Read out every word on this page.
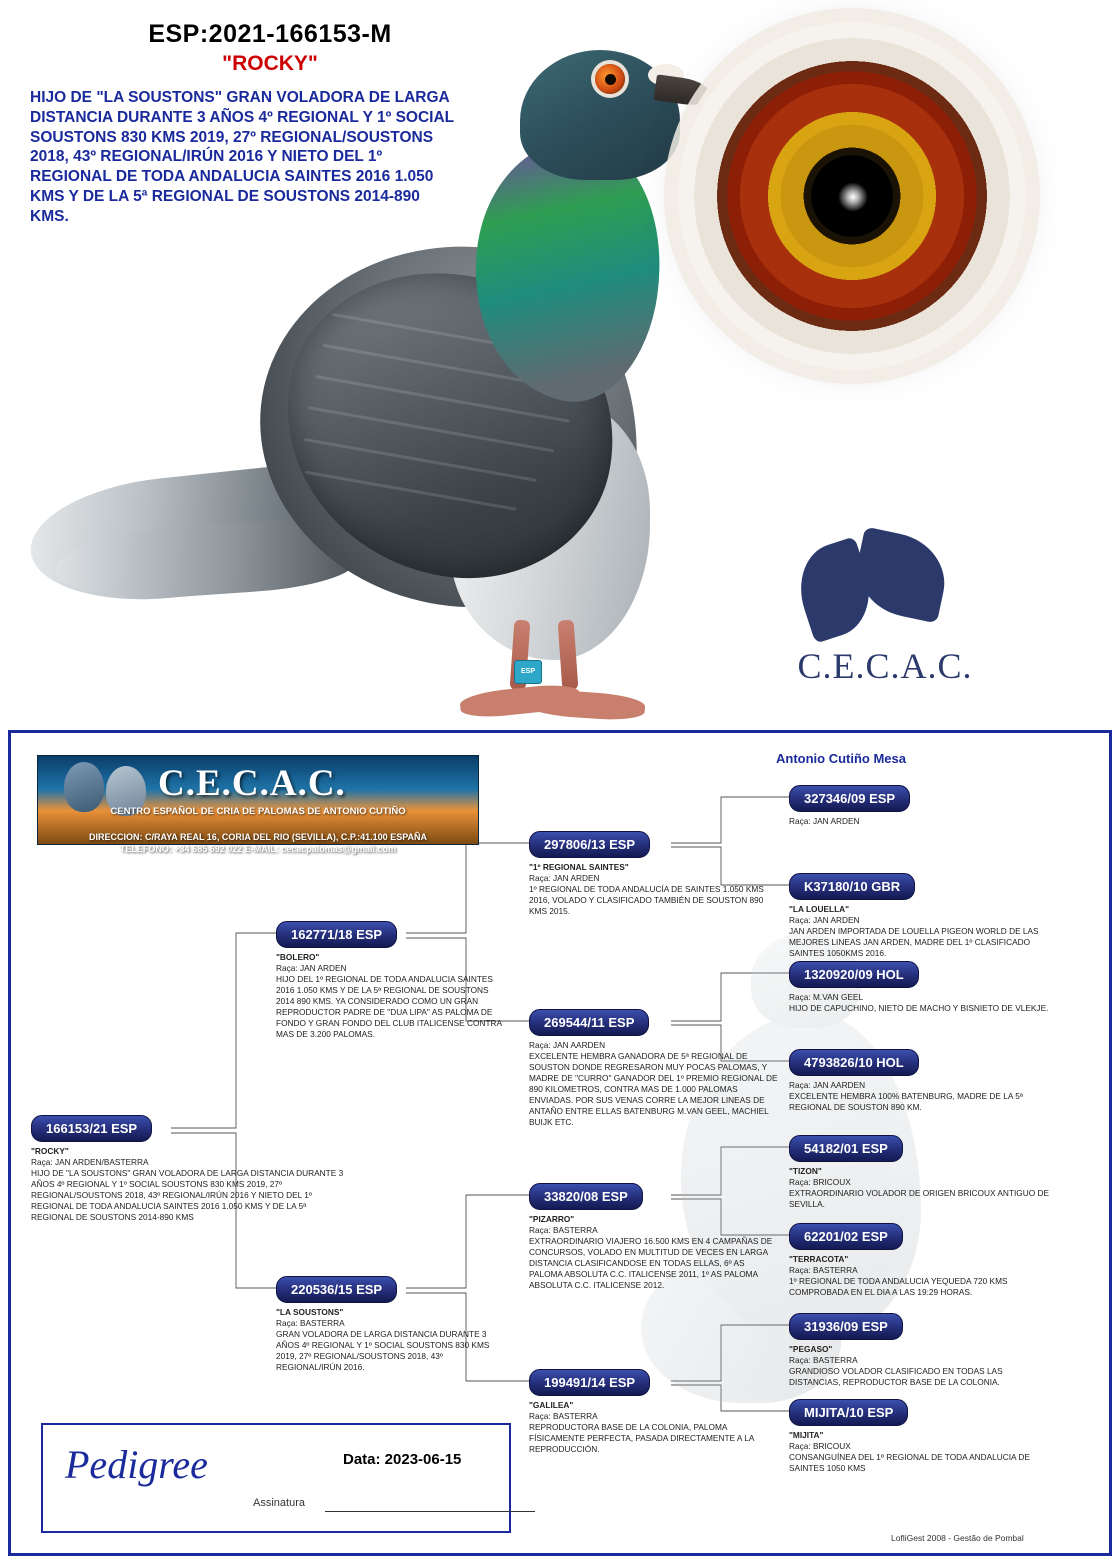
ESP
ESP:2021-166153-M
"ROCKY"
HIJO DE "LA SOUSTONS" GRAN VOLADORA DE LARGA DISTANCIA DURANTE 3 AÑOS 4º REGIONAL Y 1º SOCIAL SOUSTONS 830 KMS 2019, 27º REGIONAL/SOUSTONS 2018, 43º REGIONAL/IRÚN 2016 Y NIETO DEL 1º REGIONAL DE TODA ANDALUCIA SAINTES 2016 1.050 KMS Y DE LA 5ª REGIONAL DE SOUSTONS 2014-890 KMS.
C.E.C.A.C.
Antonio Cutiño Mesa
C.E.C.A.C.
CENTRO ESPAÑOL DE CRIA DE PALOMAS DE ANTONIO CUTIÑO
DIRECCION: C/RAYA REAL 16, CORIA DEL RIO (SEVILLA), C.P.:41.100 ESPAÑA
TELEFONO: +34 685 692 022 E-MAIL: cecacpalomas@gmail.com
166153/21 ESP
"ROCKY"
Raça: JAN ARDEN/BASTERRA
HIJO DE "LA SOUSTONS" GRAN VOLADORA DE LARGA DISTANCIA DURANTE 3 AÑOS 4º REGIONAL Y 1º SOCIAL SOUSTONS 830 KMS 2019, 27º REGIONAL/SOUSTONS 2018, 43º REGIONAL/IRÚN 2016 Y NIETO DEL 1º REGIONAL DE TODA ANDALUCIA SAINTES 2016 1.050 KMS Y DE LA 5ª REGIONAL DE SOUSTONS 2014-890 KMS
162771/18 ESP
"BOLERO"
Raça: JAN ARDEN
HIJO DEL 1º REGIONAL DE TODA ANDALUCIA SAINTES 2016 1.050 KMS Y DE LA 5ª REGIONAL DE SOUSTONS 2014 890 KMS. YA CONSIDERADO COMO UN GRAN REPRODUCTOR PADRE DE "DUA LIPA" AS PALOMA DE FONDO Y GRAN FONDO DEL CLUB ITALICENSE CONTRA MAS DE 3.200 PALOMAS.
220536/15 ESP
"LA SOUSTONS"
Raça: BASTERRA
GRAN VOLADORA DE LARGA DISTANCIA DURANTE 3 AÑOS 4º REGIONAL Y 1º SOCIAL SOUSTONS 830 KMS 2019, 27º REGIONAL/SOUSTONS 2018, 43º REGIONAL/IRÚN 2016.
297806/13 ESP
"1º REGIONAL SAINTES"
Raça: JAN ARDEN
1º REGIONAL DE TODA ANDALUCÍA DE SAINTES 1.050 KMS 2016, VOLADO Y CLASIFICADO TAMBIÉN DE SOUSTON 890 KMS 2015.
269544/11 ESP
Raça: JAN AARDEN
EXCELENTE HEMBRA GANADORA DE 5ª REGIONAL DE SOUSTON DONDE REGRESARON MUY POCAS PALOMAS, Y MADRE DE "CURRO" GANADOR DEL 1º PREMIO REGIONAL DE 890 KILOMETROS, CONTRA MAS DE 1.000 PALOMAS ENVIADAS. POR SUS VENAS CORRE LA MEJOR LINEAS DE ANTAÑO ENTRE ELLAS BATENBURG M.VAN GEEL, MACHIEL BUIJK ETC.
33820/08 ESP
"PIZARRO"
Raça: BASTERRA
EXTRAORDINARIO VIAJERO 16.500 KMS EN 4 CAMPAÑAS DE CONCURSOS, VOLADO EN MULTITUD DE VECES EN LARGA DISTANCIA CLASIFICANDOSE EN TODAS ELLAS, 6º AS PALOMA ABSOLUTA C.C. ITALICENSE 2011, 1º AS PALOMA ABSOLUTA C.C. ITALICENSE 2012.
199491/14 ESP
"GALILEA"
Raça: BASTERRA
REPRODUCTORA BASE DE LA COLONIA, PALOMA FÍSICAMENTE PERFECTA, PASADA DIRECTAMENTE A LA REPRODUCCIÓN.
327346/09 ESP
Raça: JAN ARDEN
K37180/10 GBR
"LA LOUELLA"
Raça: JAN ARDEN
JAN ARDEN IMPORTADA DE LOUELLA PIGEON WORLD DE LAS MEJORES LINEAS JAN ARDEN, MADRE DEL 1º CLASIFICADO SAINTES 1050KMS 2016.
1320920/09 HOL
Raça: M.VAN GEEL
HIJO DE CAPUCHINO, NIETO DE MACHO Y BISNIETO DE VLEKJE.
4793826/10 HOL
Raça: JAN AARDEN
EXCELENTE HEMBRA 100% BATENBURG, MADRE DE LA 5ª REGIONAL DE SOUSTON 890 KM.
54182/01 ESP
"TIZON"
Raça: BRICOUX
EXTRAORDINARIO VOLADOR DE ORIGEN BRICOUX ANTIGUO DE SEVILLA.
62201/02 ESP
"TERRACOTA"
Raça: BASTERRA
1º REGIONAL DE TODA ANDALUCIA YEQUEDA 720 KMS COMPROBADA EN EL DIA A LAS 19:29 HORAS.
31936/09 ESP
"PEGASO"
Raça: BASTERRA
GRANDIOSO VOLADOR CLASIFICADO EN TODAS LAS DISTANCIAS, REPRODUCTOR BASE DE LA COLONIA.
MIJITA/10 ESP
"MIJITA"
Raça: BRICOUX
CONSANGUÍNEA DEL 1º REGIONAL DE TODA ANDALUCIA DE SAINTES 1050 KMS
Pedigree	Data: 2023-06-15
Assinatura
LofliGest 2008 - Gestão de Pombal
